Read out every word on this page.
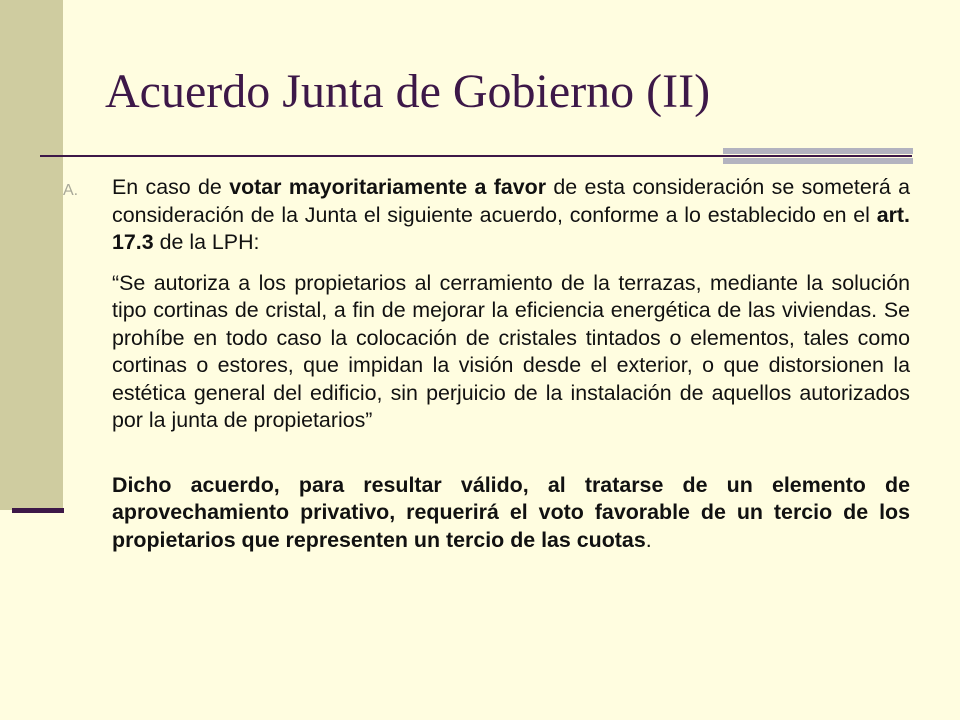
Acuerdo Junta de Gobierno (II)

A. En caso de votar mayoritariamente a favor de esta consideración se someterá a consideración de la Junta el siguiente acuerdo, conforme a lo establecido en el art. 17.3 de la LPH:

“Se autoriza a los propietarios al cerramiento de la terrazas, mediante la solución tipo cortinas de cristal, a fin de mejorar la eficiencia energética de las viviendas. Se prohíbe en todo caso la colocación de cristales tintados o elementos, tales como cortinas o estores, que impidan la visión desde el exterior, o que distorsionen la estética general del edificio, sin perjuicio de la instalación de aquellos autorizados por la junta de propietarios”

Dicho acuerdo, para resultar válido, al tratarse de un elemento de aprovechamiento privativo, requerirá el voto favorable de un tercio de los propietarios que representen un tercio de las cuotas.
